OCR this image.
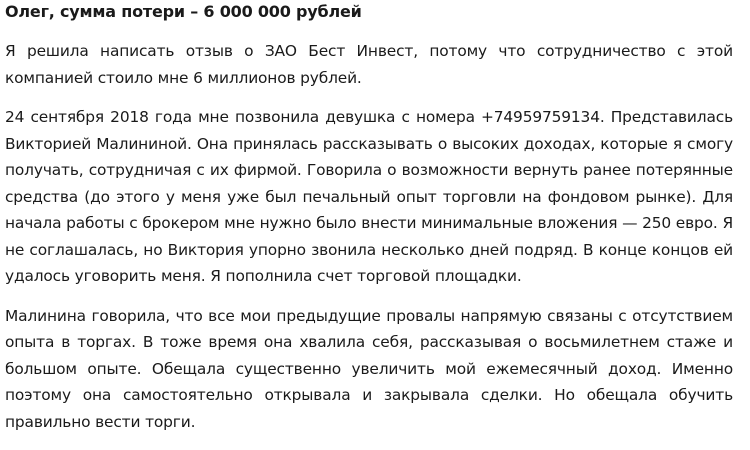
Олег, сумма потери – 6 000 000 рублей

Я решила написать отзыв о ЗАО Бест Инвест, потому что сотрудничество с этой компанией стоило мне 6 миллионов рублей.

24 сентября 2018 года мне позвонила девушка с номера +74959759134. Представилась Викторией Малининой. Она принялась рассказывать о высоких доходах, которые я смогу получать, сотрудничая с их фирмой. Говорила о возможности вернуть ранее потерянные средства (до этого у меня уже был печальный опыт торговли на фондовом рынке). Для начала работы с брокером мне нужно было внести минимальные вложения — 250 евро. Я не соглашалась, но Виктория упорно звонила несколько дней подряд. В конце концов ей удалось уговорить меня. Я пополнила счет торговой площадки.

Малинина говорила, что все мои предыдущие провалы напрямую связаны с отсутствием опыта в торгах. В тоже время она хвалила себя, рассказывая о восьмилетнем стаже и большом опыте. Обещала существенно увеличить мой ежемесячный доход. Именно поэтому она самостоятельно открывала и закрывала сделки. Но обещала обучить правильно вести торги.
